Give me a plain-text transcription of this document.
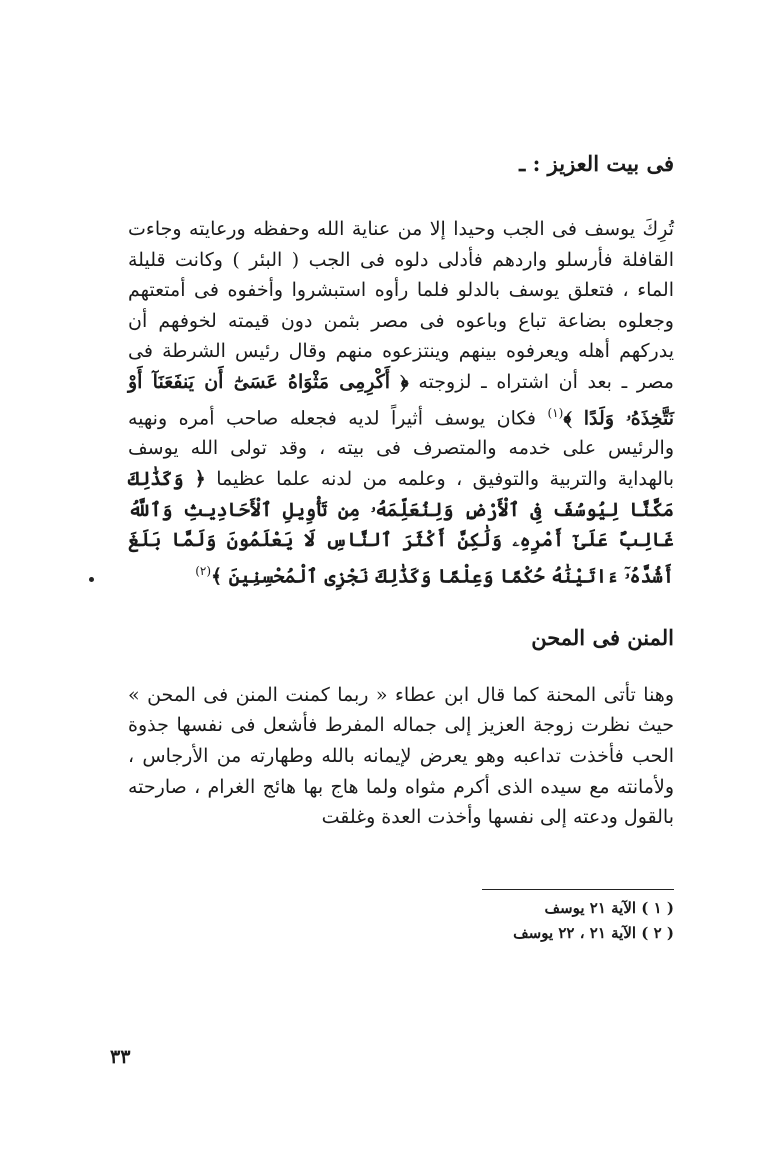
فى بيت العزيز : ـ

تُرِكَ يوسف فى الجب وحيدا إلا من عناية الله وحفظه ورعايته وجاءت القافلة فأرسلو واردهم فأدلى دلوه فى الجب ( البئر ) وكانت قليلة الماء ، فتعلق يوسف بالدلو فلما رأوه استبشروا وأخفوه فى أمتعتهم وجعلوه بضاعة تباع وباعوه فى مصر بثمن دون قيمته لخوفهم أن يدركهم أهله ويعرفوه بينهم وينتزعوه منهم وقال رئيس الشرطة فى مصر ـ بعد أن اشتراه ـ لزوجته ﴿ أَكْرِمِى مَثْوَاهُ عَسَىٰٓ أَن يَنفَعَنَآ أَوْ نَتَّخِذَهُۥ وَلَدًا ﴾$^{(١)}$ فكان يوسف أثيراً لديه فجعله صاحب أمره ونهيه والرئيس على خدمه والمتصرف فى بيته ، وقد تولى الله يوسف بالهداية والتربية والتوفيق ، وعلمه من لدنه علما عظيما ﴿ وَكَذَٰلِكَ مَكَّنَّا لِيُوسُفَ فِى ٱلْأَرْضِ وَلِنُعَلِّمَهُۥ مِن تَأْوِيلِ ٱلْأَحَادِيثِ وَٱللَّهُ غَالِبٌ عَلَىٰٓ أَمْرِهِۦ وَلَٰكِنَّ أَكْثَرَ ٱلنَّاسِ لَا يَعْلَمُونَ وَلَمَّا بَلَغَ أَشُدَّهُۥٓ ءَاتَيْنَٰهُ حُكْمًا وَعِلْمًا وَكَذَٰلِكَ نَجْزِى ٱلْمُحْسِنِينَ ﴾$^{(٢)}$

المنن فى المحن

وهنا تأتى المحنة كما قال ابن عطاء « ربما كمنت المنن فى المحن » حيث نظرت زوجة العزيز إلى جماله المفرط فأشعل فى نفسها جذوة الحب فأخذت تداعبه وهو يعرض لإيمانه بالله وطهارته من الأرجاس ، ولأمانته مع سيده الذى أكرم مثواه ولما هاج بها هائج الغرام ، صارحته بالقول ودعته إلى نفسها وأخذت العدة وغلقت

( ١ ) الآية ٢١ يوسف
( ٢ ) الآية ٢١ ، ٢٢ يوسف
٣٣
